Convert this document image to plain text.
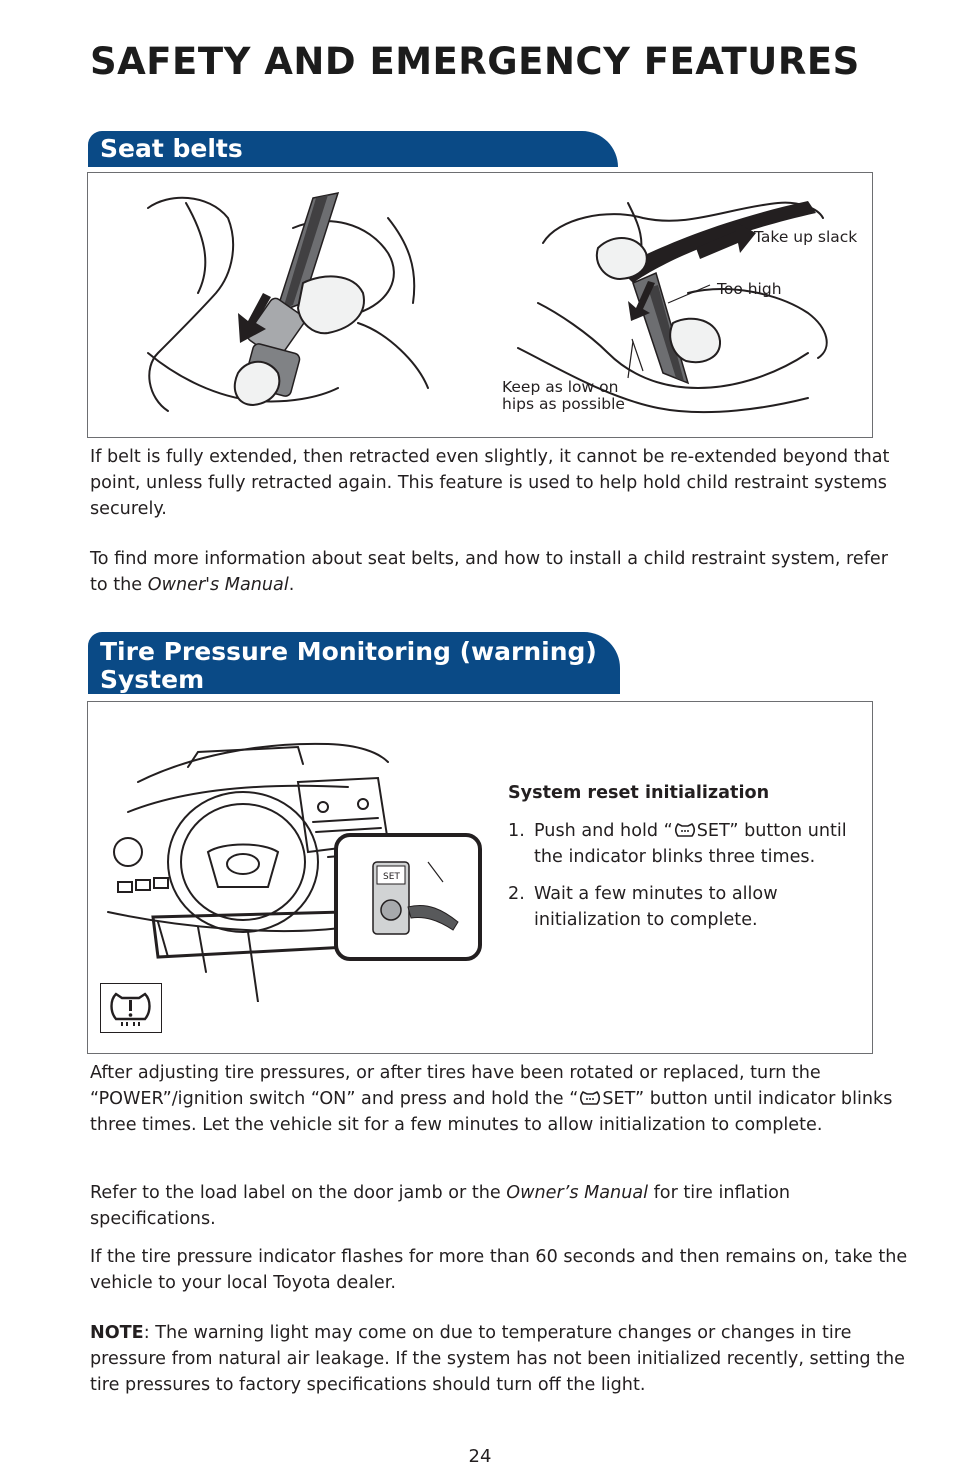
SAFETY AND EMERGENCY FEATURES
Seat belts
Take up slack
Too high
Keep as low on
hips as possible
If belt is fully extended, then retracted even slightly, it cannot be re-extended beyond that point, unless fully retracted again. This feature is used to help hold child restraint systems securely.
To find more information about seat belts, and how to install a child restraint system, refer to the Owner's Manual.
Tire Pressure Monitoring (warning)
System
SET
System reset initialization
1. Push and hold “ SET” button until the indicator blinks three times.
2. Wait a few minutes to allow initialization to complete.
After adjusting tire pressures, or after tires have been rotated or replaced, turn the “POWER”/ignition switch “ON” and press and hold the “ SET” button until indicator blinks three times. Let the vehicle sit for a few minutes to allow initialization to complete.
Refer to the load label on the door jamb or the Owner’s Manual for tire inflation specifications.
If the tire pressure indicator flashes for more than 60 seconds and then remains on, take the vehicle to your local Toyota dealer.
NOTE: The warning light may come on due to temperature changes or changes in tire pressure from natural air leakage. If the system has not been initialized recently, setting the tire pressures to factory specifications should turn off the light.
24
